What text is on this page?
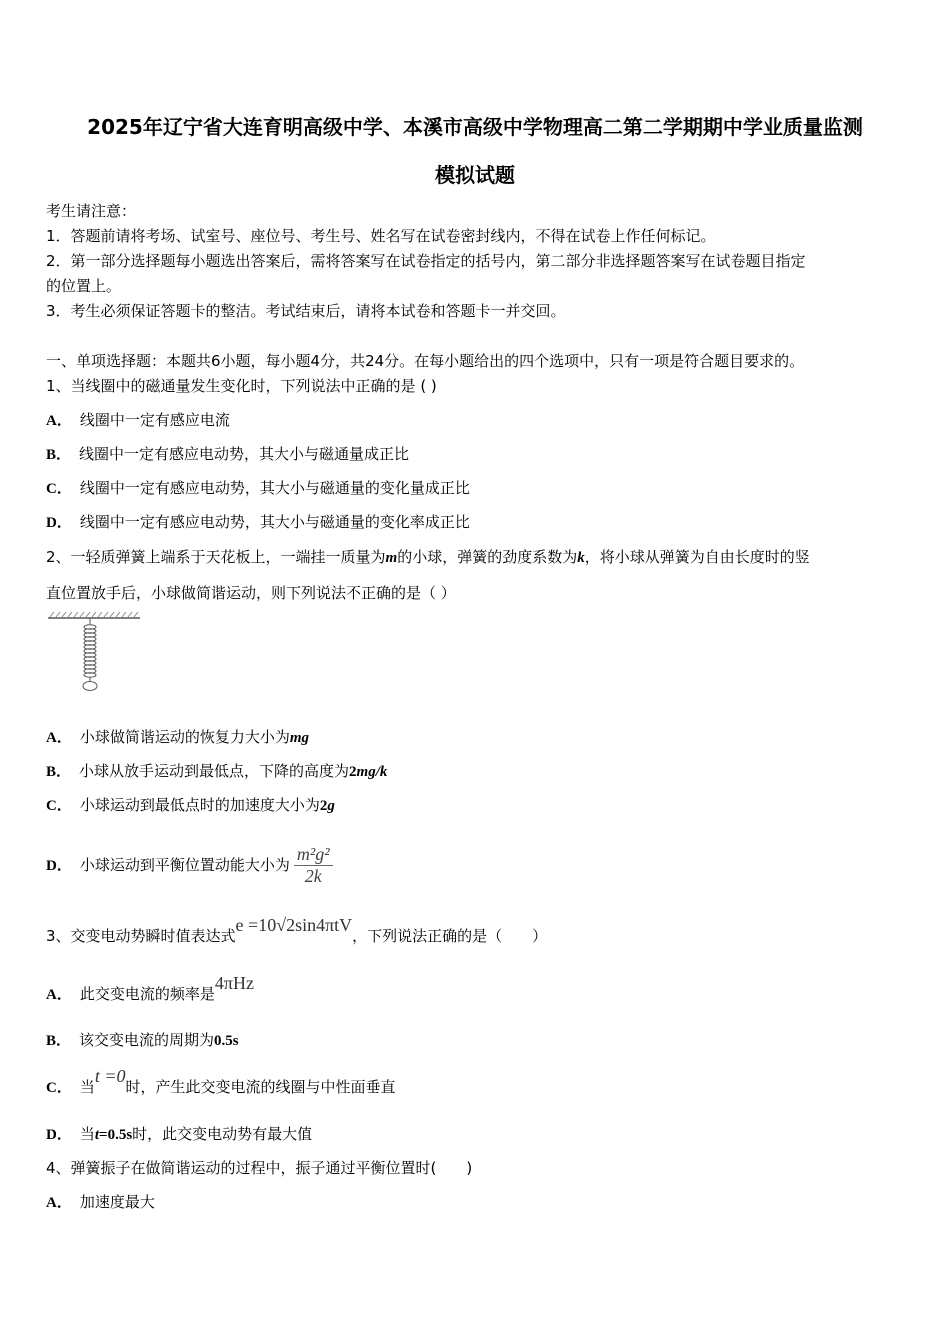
2025年辽宁省大连育明高级中学、本溪市高级中学物理高二第二学期期中学业质量监测
模拟试题
考生请注意：
1．答题前请将考场、试室号、座位号、考生号、姓名写在试卷密封线内，不得在试卷上作任何标记。
2．第一部分选择题每小题选出答案后，需将答案写在试卷指定的括号内，第二部分非选择题答案写在试卷题目指定
的位置上。
3．考生必须保证答题卡的整洁。考试结束后，请将本试卷和答题卡一并交回。
一、单项选择题：本题共6小题，每小题4分，共24分。在每小题给出的四个选项中，只有一项是符合题目要求的。
1、当线圈中的磁通量发生变化时，下列说法中正确的是 ( )
A． 线圈中一定有感应电流
B． 线圈中一定有感应电动势，其大小与磁通量成正比
C． 线圈中一定有感应电动势，其大小与磁通量的变化量成正比
D． 线圈中一定有感应电动势，其大小与磁通量的变化率成正比
2、一轻质弹簧上端系于天花板上，一端挂一质量为m的小球，弹簧的劲度系数为k，将小球从弹簧为自由长度时的竖
直位置放手后，小球做简谐运动，则下列说法不正确的是（ ）
A． 小球做简谐运动的恢复力大小为mg
B． 小球从放手运动到最低点，下降的高度为2mg/k
C． 小球运动到最低点时的加速度大小为2g
D． 小球运动到平衡位置动能大小为 $\frac{\text{m²g²}}{2k}$
3、交变电动势瞬时值表达式e =10√2sin4πtV，下列说法正确的是（　　）
A． 此交变电流的频率是4πHz
B． 该交变电流的周期为0.5s
C． 当t =0时，产生此交变电流的线圈与中性面垂直
D． 当t=0.5s时，此交变电动势有最大值
4、弹簧振子在做简谐运动的过程中，振子通过平衡位置时(　　)
A． 加速度最大
